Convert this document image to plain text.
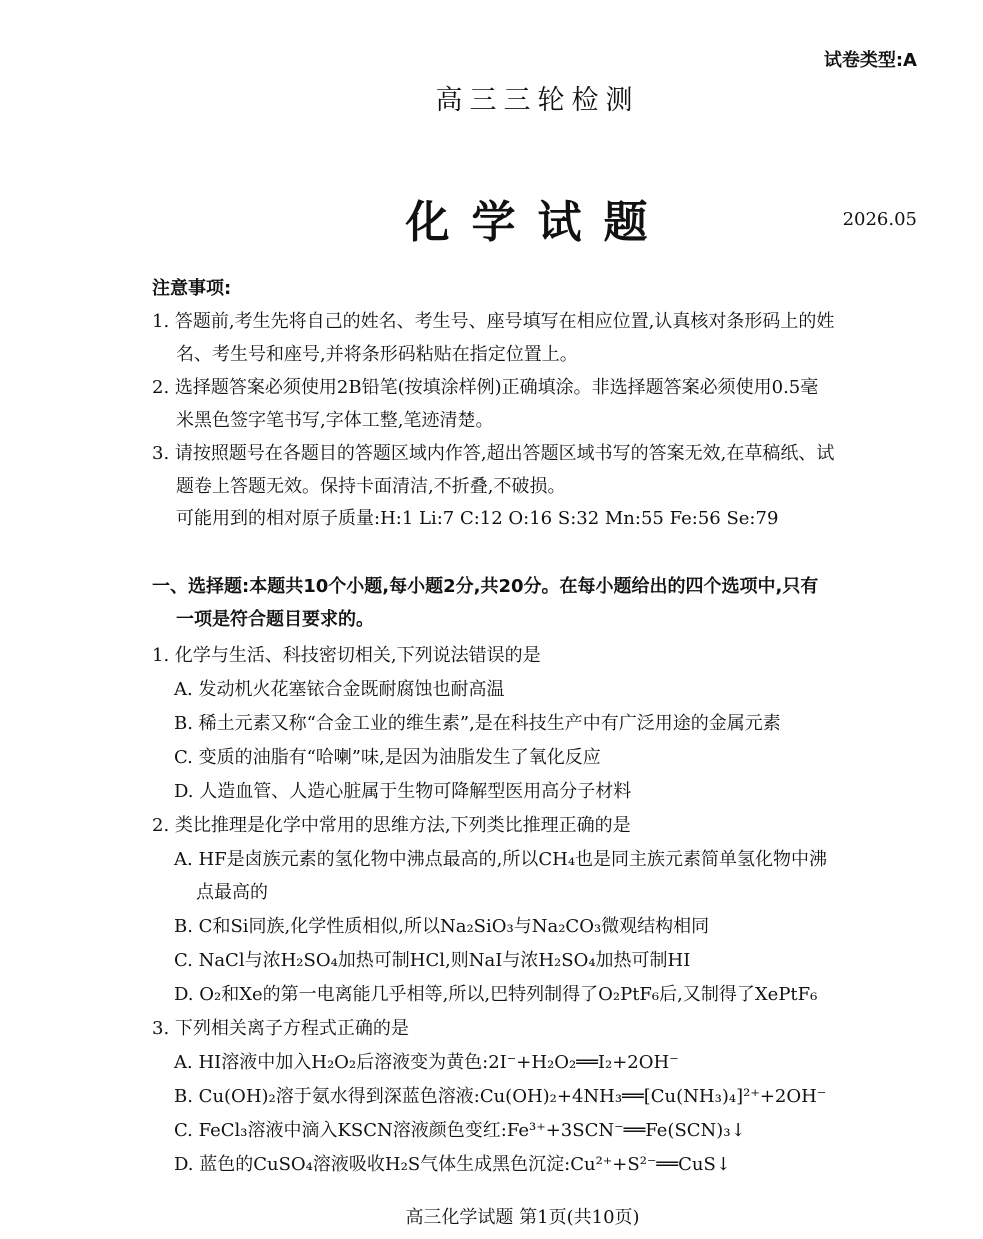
试卷类型:A
高三三轮检测
化学试题	2026.05
注意事项:
1. 答题前,考生先将自己的姓名、考生号、座号填写在相应位置,认真核对条形码上的姓
名、考生号和座号,并将条形码粘贴在指定位置上。
2. 选择题答案必须使用2B铅笔(按填涂样例)正确填涂。非选择题答案必须使用0.5毫
米黑色签字笔书写,字体工整,笔迹清楚。
3. 请按照题号在各题目的答题区域内作答,超出答题区域书写的答案无效,在草稿纸、试
题卷上答题无效。保持卡面清洁,不折叠,不破损。
可能用到的相对原子质量:H:1 Li:7 C:12 O:16 S:32 Mn:55 Fe:56 Se:79
一、选择题:本题共10个小题,每小题2分,共20分。在每小题给出的四个选项中,只有
一项是符合题目要求的。
1. 化学与生活、科技密切相关,下列说法错误的是
A. 发动机火花塞铱合金既耐腐蚀也耐高温
B. 稀土元素又称“合金工业的维生素”,是在科技生产中有广泛用途的金属元素
C. 变质的油脂有“哈喇”味,是因为油脂发生了氧化反应
D. 人造血管、人造心脏属于生物可降解型医用高分子材料
2. 类比推理是化学中常用的思维方法,下列类比推理正确的是
A. HF是卤族元素的氢化物中沸点最高的,所以CH₄也是同主族元素简单氢化物中沸
点最高的
B. C和Si同族,化学性质相似,所以Na₂SiO₃与Na₂CO₃微观结构相同
C. NaCl与浓H₂SO₄加热可制HCl,则NaI与浓H₂SO₄加热可制HI
D. O₂和Xe的第一电离能几乎相等,所以,巴特列制得了O₂PtF₆后,又制得了XePtF₆
3. 下列相关离子方程式正确的是
A. HI溶液中加入H₂O₂后溶液变为黄色:2I⁻+H₂O₂══I₂+2OH⁻
B. Cu(OH)₂溶于氨水得到深蓝色溶液:Cu(OH)₂+4NH₃══[Cu(NH₃)₄]²⁺+2OH⁻
C. FeCl₃溶液中滴入KSCN溶液颜色变红:Fe³⁺+3SCN⁻══Fe(SCN)₃↓
D. 蓝色的CuSO₄溶液吸收H₂S气体生成黑色沉淀:Cu²⁺+S²⁻══CuS↓
高三化学试题 第1页(共10页)
